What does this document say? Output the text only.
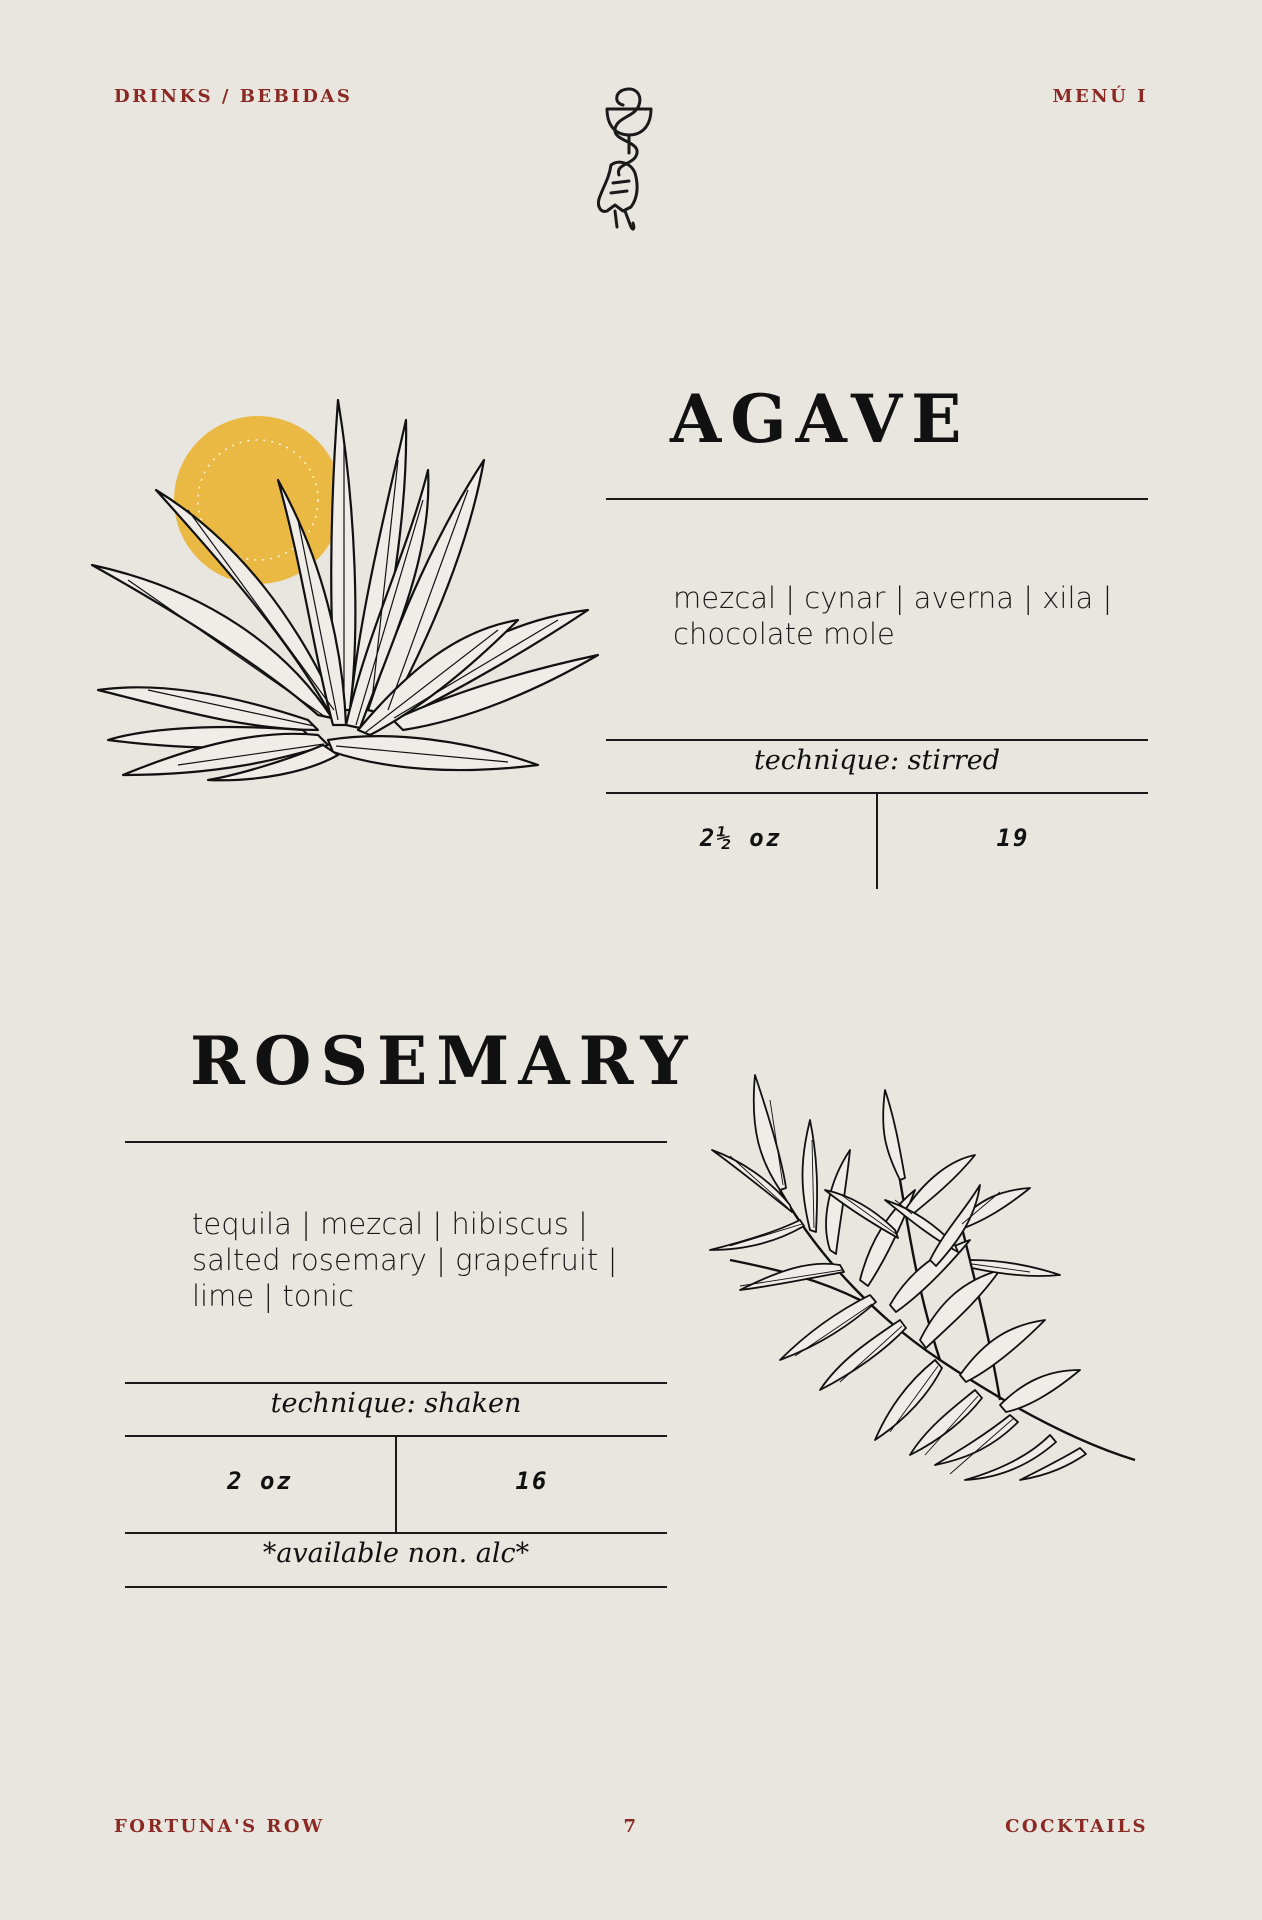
DRINKS / BEBIDAS	MENÚ I
AGAVE
mezcal | cynar | averna | xila |
chocolate mole
technique: stirred
2½ oz	19
ROSEMARY
tequila | mezcal | hibiscus |
salted rosemary | grapefruit |
lime | tonic
technique: shaken
2 oz	16
*available non. alc*
FORTUNA'S ROW	7	COCKTAILS
